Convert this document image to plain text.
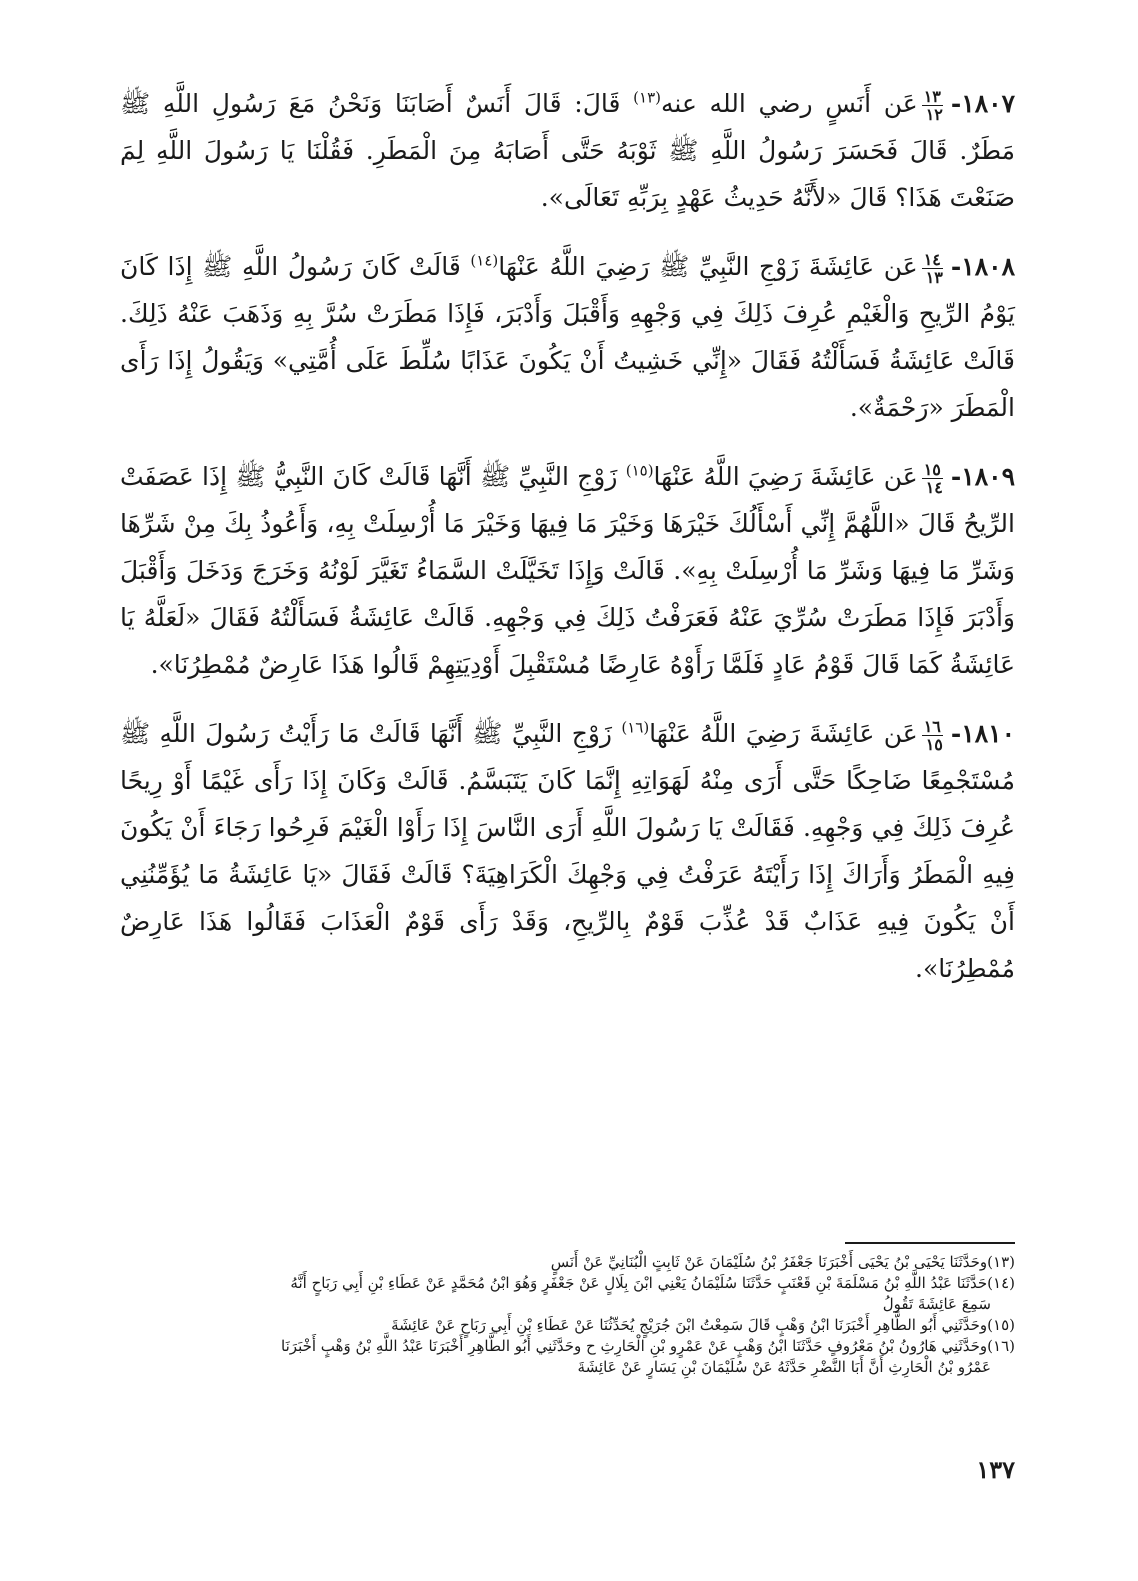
١٨٠٧-
$\frac{١٣}{١٢}$
عَن أَنَسٍ رضي الله عنه$^{(١٣)}$ قَالَ: قَالَ أَنَسٌ أَصَابَنَا وَنَحْنُ مَعَ رَسُولِ اللَّهِ ﷺ مَطَرٌ. قَالَ فَحَسَرَ رَسُولُ اللَّهِ ﷺ ثَوْبَهُ حَتَّى أَصَابَهُ مِنَ الْمَطَرِ. فَقُلْنَا يَا رَسُولَ اللَّهِ لِمَ صَنَعْتَ هَذَا؟ قَالَ «لأَنَّهُ حَدِيثُ عَهْدٍ بِرَبِّهِ تَعَالَى».

١٨٠٨-
$\frac{١٤}{١٣}$
عَن عَائِشَةَ زَوْجِ النَّبِيِّ ﷺ رَضِيَ اللَّهُ عَنْهَا$^{(١٤)}$ قَالَتْ كَانَ رَسُولُ اللَّهِ ﷺ إِذَا كَانَ يَوْمُ الرِّيحِ وَالْغَيْمِ عُرِفَ ذَلِكَ فِي وَجْهِهِ وَأَقْبَلَ وَأَدْبَرَ، فَإِذَا مَطَرَتْ سُرَّ بِهِ وَذَهَبَ عَنْهُ ذَلِكَ. قَالَتْ عَائِشَةُ فَسَأَلْتُهُ فَقَالَ «إِنِّي خَشِيتُ أَنْ يَكُونَ عَذَابًا سُلِّطَ عَلَى أُمَّتِي» وَيَقُولُ إِذَا رَأَى الْمَطَرَ «رَحْمَةٌ».

١٨٠٩-
$\frac{١٥}{١٤}$
عَن عَائِشَةَ رَضِيَ اللَّهُ عَنْهَا$^{(١٥)}$ زَوْجِ النَّبِيِّ ﷺ أَنَّهَا قَالَتْ كَانَ النَّبِيُّ ﷺ إِذَا عَصَفَتْ الرِّيحُ قَالَ «اللَّهُمَّ إِنِّي أَسْأَلُكَ خَيْرَهَا وَخَيْرَ مَا فِيهَا وَخَيْرَ مَا أُرْسِلَتْ بِهِ، وَأَعُوذُ بِكَ مِنْ شَرِّهَا وَشَرِّ مَا فِيهَا وَشَرِّ مَا أُرْسِلَتْ بِهِ». قَالَتْ وَإِذَا تَخَيَّلَتْ السَّمَاءُ تَغَيَّرَ لَوْنُهُ وَخَرَجَ وَدَخَلَ وَأَقْبَلَ وَأَدْبَرَ فَإِذَا مَطَرَتْ سُرِّيَ عَنْهُ فَعَرَفْتُ ذَلِكَ فِي وَجْهِهِ. قَالَتْ عَائِشَةُ فَسَأَلْتُهُ فَقَالَ «لَعَلَّهُ يَا عَائِشَةُ كَمَا قَالَ قَوْمُ عَادٍ فَلَمَّا رَأَوْهُ عَارِضًا مُسْتَقْبِلَ أَوْدِيَتِهِمْ قَالُوا هَذَا عَارِضٌ مُمْطِرُنَا».

١٨١٠-
$\frac{١٦}{١٥}$
عَن عَائِشَةَ رَضِيَ اللَّهُ عَنْهَا$^{(١٦)}$ زَوْجِ النَّبِيِّ ﷺ أَنَّهَا قَالَتْ مَا رَأَيْتُ رَسُولَ اللَّهِ ﷺ مُسْتَجْمِعًا ضَاحِكًا حَتَّى أَرَى مِنْهُ لَهَوَاتِهِ إِنَّمَا كَانَ يَتَبَسَّمُ. قَالَتْ وَكَانَ إِذَا رَأَى غَيْمًا أَوْ رِيحًا عُرِفَ ذَلِكَ فِي وَجْهِهِ. فَقَالَتْ يَا رَسُولَ اللَّهِ أَرَى النَّاسَ إِذَا رَأَوْا الْغَيْمَ فَرِحُوا رَجَاءَ أَنْ يَكُونَ فِيهِ الْمَطَرُ وَأَرَاكَ إِذَا رَأَيْتَهُ عَرَفْتُ فِي وَجْهِكَ الْكَرَاهِيَةَ؟ قَالَتْ فَقَالَ «يَا عَائِشَةُ مَا يُؤَمِّنُنِي أَنْ يَكُونَ فِيهِ عَذَابٌ قَدْ عُذِّبَ قَوْمٌ بِالرِّيحِ، وَقَدْ رَأَى قَوْمٌ الْعَذَابَ فَقَالُوا هَذَا عَارِضٌ مُمْطِرُنَا».

(١٣)وحَدَّثَنَا يَحْيَى بْنُ يَحْيَى أَخْبَرَنَا جَعْفَرُ بْنُ سُلَيْمَانَ عَنْ ثَابِتٍ الْبُنَانِيِّ عَنْ أَنَسٍ

(١٤)حَدَّثَنَا عَبْدُ اللَّهِ بْنُ مَسْلَمَةَ بْنِ قَعْنَبٍ حَدَّثَنَا سُلَيْمَانُ يَعْنِي ابْنَ بِلَالٍ عَنْ جَعْفَرٍ وَهُوَ ابْنُ مُحَمَّدٍ عَنْ عَطَاءِ بْنِ أَبِي رَبَاحٍ أَنَّهُ
سَمِعَ عَائِشَةَ تَقُولُ

(١٥)وحَدَّثَنِي أَبُو الطَّاهِرِ أَخْبَرَنَا ابْنُ وَهْبٍ قَالَ سَمِعْتُ ابْنَ جُرَيْجٍ يُحَدِّثُنَا عَنْ عَطَاءِ بْنِ أَبِي رَبَاحٍ عَنْ عَائِشَةَ

(١٦)وحَدَّثَنِي هَارُونُ بْنُ مَعْرُوفٍ حَدَّثَنَا ابْنُ وَهْبٍ عَنْ عَمْرٍو بْنِ الْحَارِثِ ح وحَدَّثَنِي أَبُو الطَّاهِرِ أَخْبَرَنَا عَبْدُ اللَّهِ بْنُ وَهْبٍ أَخْبَرَنَا
عَمْرُو بْنُ الْحَارِثِ أَنَّ أَبَا النَّضْرِ حَدَّثَهُ عَنْ سُلَيْمَانَ بْنِ يَسَارٍ عَنْ عَائِشَةَ

١٣٧
